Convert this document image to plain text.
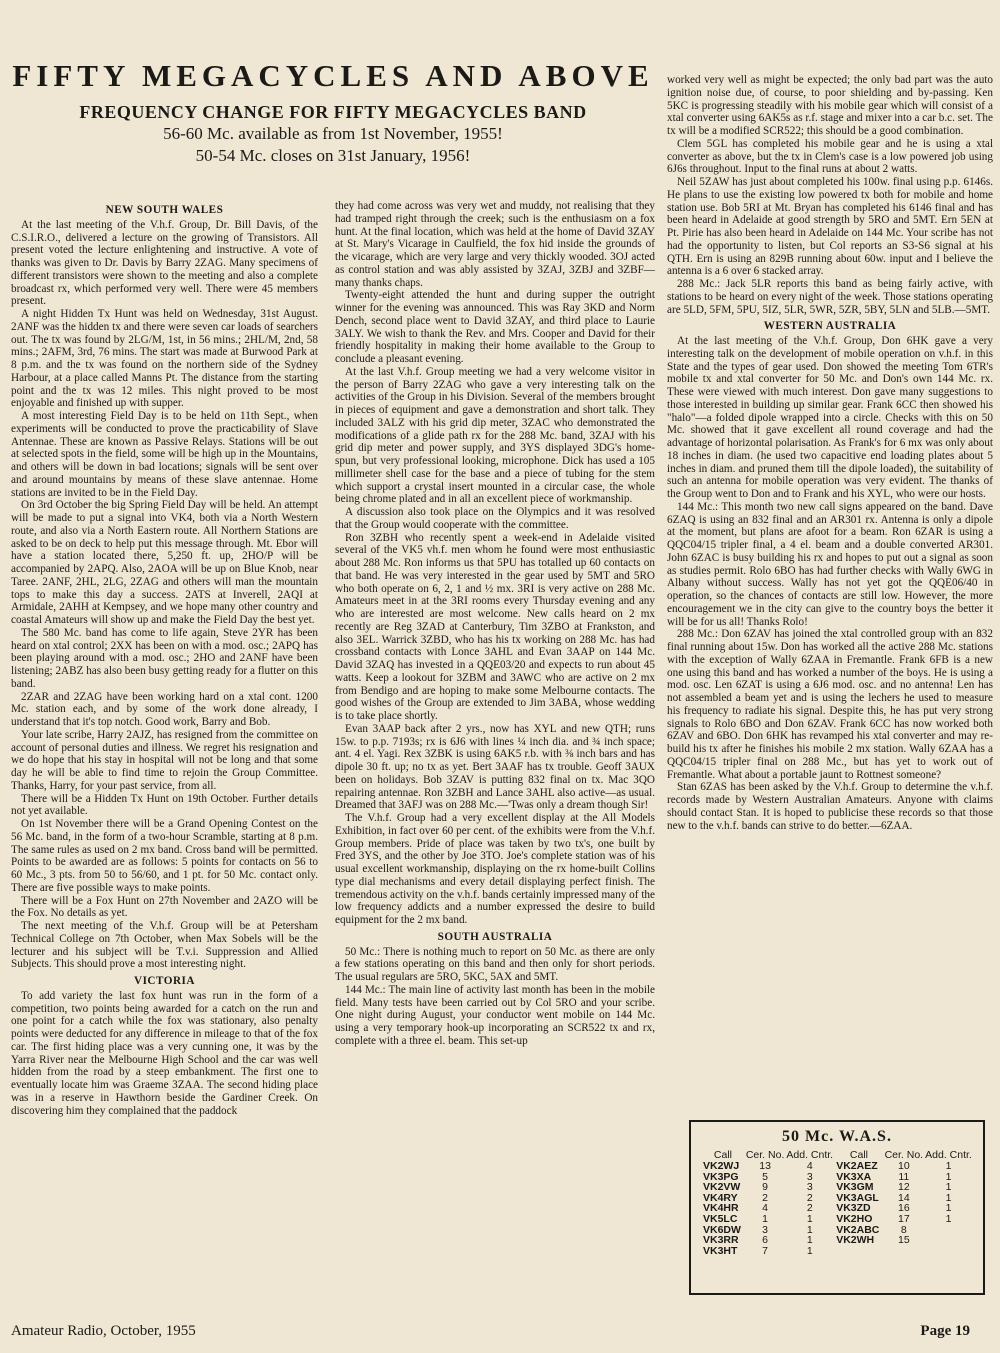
FIFTY MEGACYCLES AND ABOVE
FREQUENCY CHANGE FOR FIFTY MEGACYCLES BAND
56-60 Mc. available as from 1st November, 1955!
50-54 Mc. closes on 31st January, 1956!
NEW SOUTH WALES

At the last meeting of the V.h.f. Group, Dr. Bill Davis, of the C.S.I.R.O., delivered a lecture on the growing of Transistors. All present voted the lecture enlightening and instructive. A vote of thanks was given to Dr. Davis by Barry 2ZAG. Many specimens of different transistors were shown to the meeting and also a complete broadcast rx, which performed very well. There were 45 members present.

A night Hidden Tx Hunt was held on Wednesday, 31st August. 2ANF was the hidden tx and there were seven car loads of searchers out. The tx was found by 2LG/M, 1st, in 56 mins.; 2HL/M, 2nd, 58 mins.; 2AFM, 3rd, 76 mins. The start was made at Burwood Park at 8 p.m. and the tx was found on the northern side of the Sydney Harbour, at a place called Manns Pt. The distance from the starting point and the tx was 12 miles. This night proved to be most enjoyable and finished up with supper.

A most interesting Field Day is to be held on 11th Sept., when experiments will be conducted to prove the practicability of Slave Antennae. These are known as Passive Relays. Stations will be out at selected spots in the field, some will be high up in the Mountains, and others will be down in bad locations; signals will be sent over and around mountains by means of these slave antennae. Home stations are invited to be in the Field Day.

On 3rd October the big Spring Field Day will be held. An attempt will be made to put a signal into VK4, both via a North Western route, and also via a North Eastern route. All Northern Stations are asked to be on deck to help put this message through. Mt. Ebor will have a station located there, 5,250 ft. up, 2HO/P will be accompanied by 2APQ. Also, 2AOA will be up on Blue Knob, near Taree. 2ANF, 2HL, 2LG, 2ZAG and others will man the mountain tops to make this day a success. 2ATS at Inverell, 2AQI at Armidale, 2AHH at Kempsey, and we hope many other country and coastal Amateurs will show up and make the Field Day the best yet.

The 580 Mc. band has come to life again, Steve 2YR has been heard on xtal control; 2XX has been on with a mod. osc.; 2APQ has been playing around with a mod. osc.; 2HO and 2ANF have been listening; 2ABZ has also been busy getting ready for a flutter on this band.

2ZAR and 2ZAG have been working hard on a xtal cont. 1200 Mc. station each, and by some of the work done already, I understand that it's top notch. Good work, Barry and Bob.

Your late scribe, Harry 2AJZ, has resigned from the committee on account of personal duties and illness. We regret his resignation and we do hope that his stay in hospital will not be long and that some day he will be able to find time to rejoin the Group Committee. Thanks, Harry, for your past service, from all.

There will be a Hidden Tx Hunt on 19th October. Further details not yet available.

On 1st November there will be a Grand Opening Contest on the 56 Mc. band, in the form of a two-hour Scramble, starting at 8 p.m. The same rules as used on 2 mx band. Cross band will be permitted. Points to be awarded are as follows: 5 points for contacts on 56 to 60 Mc., 3 pts. from 50 to 56/60, and 1 pt. for 50 Mc. contact only. There are five possible ways to make points.

There will be a Fox Hunt on 27th November and 2AZO will be the Fox. No details as yet.

The next meeting of the V.h.f. Group will be at Petersham Technical College on 7th October, when Max Sobels will be the lecturer and his subject will be T.v.i. Suppression and Allied Subjects. This should prove a most interesting night.

VICTORIA

To add variety the last fox hunt was run in the form of a competition, two points being awarded for a catch on the run and one point for a catch while the fox was stationary, also penalty points were deducted for any difference in mileage to that of the fox car. The first hiding place was a very cunning one, it was by the Yarra River near the Melbourne High School and the car was well hidden from the road by a steep embankment. The first one to eventually locate him was Graeme 3ZAA. The second hiding place was in a reserve in Hawthorn beside the Gardiner Creek. On discovering him they complained that the paddock

they had come across was very wet and muddy, not realising that they had tramped right through the creek; such is the enthusiasm on a fox hunt. At the final location, which was held at the home of David 3ZAY at St. Mary's Vicarage in Caulfield, the fox hid inside the grounds of the vicarage, which are very large and very thickly wooded. 3OJ acted as control station and was ably assisted by 3ZAJ, 3ZBJ and 3ZBF—many thanks chaps.

Twenty-eight attended the hunt and during supper the outright winner for the evening was announced. This was Ray 3KD and Norm Dench, second place went to David 3ZAY, and third place to Laurie 3ALY. We wish to thank the Rev. and Mrs. Cooper and David for their friendly hospitality in making their home available to the Group to conclude a pleasant evening.

At the last V.h.f. Group meeting we had a very welcome visitor in the person of Barry 2ZAG who gave a very interesting talk on the activities of the Group in his Division. Several of the members brought in pieces of equipment and gave a demonstration and short talk. They included 3ALZ with his grid dip meter, 3ZAC who demonstrated the modifications of a glide path rx for the 288 Mc. band, 3ZAJ with his grid dip meter and power supply, and 3YS displayed 3DG's home-spun, but very professional looking, microphone. Dick has used a 105 millimeter shell case for the base and a piece of tubing for the stem which support a crystal insert mounted in a circular case, the whole being chrome plated and in all an excellent piece of workmanship.

A discussion also took place on the Olympics and it was resolved that the Group would cooperate with the committee.

Ron 3ZBH who recently spent a week-end in Adelaide visited several of the VK5 vh.f. men whom he found were most enthusiastic about 288 Mc. Ron informs us that 5PU has totalled up 60 contacts on that band. He was very interested in the gear used by 5MT and 5RO who both operate on 6, 2, 1 and ½ mx. 3RI is very active on 288 Mc. Amateurs meet in at the 3RI rooms every Thursday evening and any who are interested are most welcome. New calls heard on 2 mx recently are Reg 3ZAD at Canterbury, Tim 3ZBO at Frankston, and also 3EL. Warrick 3ZBD, who has his tx working on 288 Mc. has had crossband contacts with Lonce 3AHL and Evan 3AAP on 144 Mc. David 3ZAQ has invested in a QQE03/20 and expects to run about 45 watts. Keep a lookout for 3ZBM and 3AWC who are active on 2 mx from Bendigo and are hoping to make some Melbourne contacts. The good wishes of the Group are extended to Jim 3ABA, whose wedding is to take place shortly.

Evan 3AAP back after 2 yrs., now has XYL and new QTH; runs 15w. to p.p. 7193s; rx is 6J6 with lines ¼ inch dia. and ¾ inch space; ant. 4 el. Yagi. Rex 3ZBK is using 6AK5 r.b. with ⅜ inch bars and has dipole 30 ft. up; no tx as yet. Bert 3AAF has tx trouble. Geoff 3AUX been on holidays. Bob 3ZAV is putting 832 final on tx. Mac 3QO repairing antennae. Ron 3ZBH and Lance 3AHL also active—as usual. Dreamed that 3AFJ was on 288 Mc.—'Twas only a dream though Sir!

The V.h.f. Group had a very excellent display at the All Models Exhibition, in fact over 60 per cent. of the exhibits were from the V.h.f. Group members. Pride of place was taken by two tx's, one built by Fred 3YS, and the other by Joe 3TO. Joe's complete station was of his usual excellent workmanship, displaying on the rx home-built Collins type dial mechanisms and every detail displaying perfect finish. The tremendous activity on the v.h.f. bands certainly impressed many of the low frequency addicts and a number expressed the desire to build equipment for the 2 mx band.

SOUTH AUSTRALIA

50 Mc.: There is nothing much to report on 50 Mc. as there are only a few stations operating on this band and then only for short periods. The usual regulars are 5RO, 5KC, 5AX and 5MT.

144 Mc.: The main line of activity last month has been in the mobile field. Many tests have been carried out by Col 5RO and your scribe. One night during August, your conductor went mobile on 144 Mc. using a very temporary hook-up incorporating an SCR522 tx and rx, complete with a three el. beam. This set-up

worked very well as might be expected; the only bad part was the auto ignition noise due, of course, to poor shielding and by-passing. Ken 5KC is progressing steadily with his mobile gear which will consist of a xtal converter using 6AK5s as r.f. stage and mixer into a car b.c. set. The tx will be a modified SCR522; this should be a good combination.

Clem 5GL has completed his mobile gear and he is using a xtal converter as above, but the tx in Clem's case is a low powered job using 6J6s throughout. Input to the final runs at about 2 watts.

Neil 5ZAW has just about completed his 100w. final using p.p. 6146s. He plans to use the existing low powered tx both for mobile and home station use. Bob 5RI at Mt. Bryan has completed his 6146 final and has been heard in Adelaide at good strength by 5RO and 5MT. Ern 5EN at Pt. Pirie has also been heard in Adelaide on 144 Mc. Your scribe has not had the opportunity to listen, but Col reports an S3-S6 signal at his QTH. Ern is using an 829B running about 60w. input and I believe the antenna is a 6 over 6 stacked array.

288 Mc.: Jack 5LR reports this band as being fairly active, with stations to be heard on every night of the week. Those stations operating are 5LD, 5FM, 5PU, 5IZ, 5LR, 5WR, 5ZR, 5BY, 5LN and 5LB.—5MT.

WESTERN AUSTRALIA

At the last meeting of the V.h.f. Group, Don 6HK gave a very interesting talk on the development of mobile operation on v.h.f. in this State and the types of gear used. Don showed the meeting Tom 6TR's mobile tx and xtal converter for 50 Mc. and Don's own 144 Mc. rx. These were viewed with much interest. Don gave many suggestions to those interested in building up similar gear. Frank 6CC then showed his "halo"—a folded dipole wrapped into a circle. Checks with this on 50 Mc. showed that it gave excellent all round coverage and had the advantage of horizontal polarisation. As Frank's for 6 mx was only about 18 inches in diam. (he used two capacitive end loading plates about 5 inches in diam. and pruned them till the dipole loaded), the suitability of such an antenna for mobile operation was very evident. The thanks of the Group went to Don and to Frank and his XYL, who were our hosts.

144 Mc.: This month two new call signs appeared on the band. Dave 6ZAQ is using an 832 final and an AR301 rx. Antenna is only a dipole at the moment, but plans are afoot for a beam. Ron 6ZAR is using a QQC04/15 tripler final, a 4 el. beam and a double converted AR301. John 6ZAC is busy building his rx and hopes to put out a signal as soon as studies permit. Rolo 6BO has had further checks with Wally 6WG in Albany without success. Wally has not yet got the QQE06/40 in operation, so the chances of contacts are still low. However, the more encouragement we in the city can give to the country boys the better it will be for us all! Thanks Rolo!

288 Mc.: Don 6ZAV has joined the xtal controlled group with an 832 final running about 15w. Don has worked all the active 288 Mc. stations with the exception of Wally 6ZAA in Fremantle. Frank 6FB is a new one using this band and has worked a number of the boys. He is using a mod. osc. Len 6ZAT is using a 6J6 mod. osc. and no antenna! Len has not assembled a beam yet and is using the lechers he used to measure his frequency to radiate his signal. Despite this, he has put very strong signals to Rolo 6BO and Don 6ZAV. Frank 6CC has now worked both 6ZAV and 6BO. Don 6HK has revamped his xtal converter and may re-build his tx after he finishes his mobile 2 mx station. Wally 6ZAA has a QQC04/15 tripler final on 288 Mc., but has yet to work out of Fremantle. What about a portable jaunt to Rottnest someone?

Stan 6ZAS has been asked by the V.h.f. Group to determine the v.h.f. records made by Western Australian Amateurs. Anyone with claims should contact Stan. It is hoped to publicise these records so that those new to the v.h.f. bands can strive to do better.—6ZAA.

50 Mc. W.A.S.
Call	Cer. No.	Add. Cntr.	Call	Cer. No.	Add. Cntr.
VK2WJ	13	4	VK2AEZ	10	1
VK3PG	5	3	VK3XA	11	1
VK2VW	9	3	VK3GM	12	1
VK4RY	2	2	VK3AGL	14	1
VK4HR	4	2	VK3ZD	16	1
VK5LC	1	1	VK2HO	17	1
VK6DW	3	1	VK2ABC	8	
VK3RR	6	1	VK2WH	15	
VK3HT	7	1			
Amateur Radio, October, 1955	Page 19
